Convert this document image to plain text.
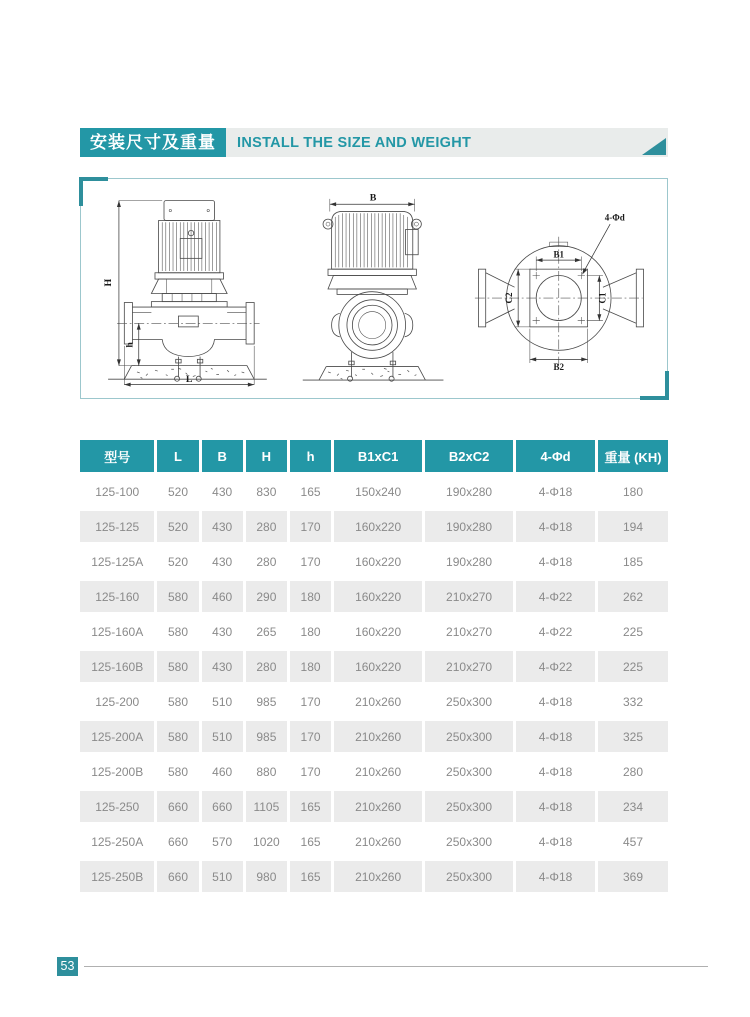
安装尺寸及重量	INSTALL THE SIZE AND WEIGHT
H
h
L
B
B1
B2
C1
C2
4-Φd
型号	L	B	H	h	B1xC1	B2xC2	4-Φd	重量 (KH)
125-100	520	430	830	165	150x240	190x280	4-Φ18	180
125-125	520	430	280	170	160x220	190x280	4-Φ18	194
125-125A	520	430	280	170	160x220	190x280	4-Φ18	185
125-160	580	460	290	180	160x220	210x270	4-Φ22	262
125-160A	580	430	265	180	160x220	210x270	4-Φ22	225
125-160B	580	430	280	180	160x220	210x270	4-Φ22	225
125-200	580	510	985	170	210x260	250x300	4-Φ18	332
125-200A	580	510	985	170	210x260	250x300	4-Φ18	325
125-200B	580	460	880	170	210x260	250x300	4-Φ18	280
125-250	660	660	1105	165	210x260	250x300	4-Φ18	234
125-250A	660	570	1020	165	210x260	250x300	4-Φ18	457
125-250B	660	510	980	165	210x260	250x300	4-Φ18	369
53
